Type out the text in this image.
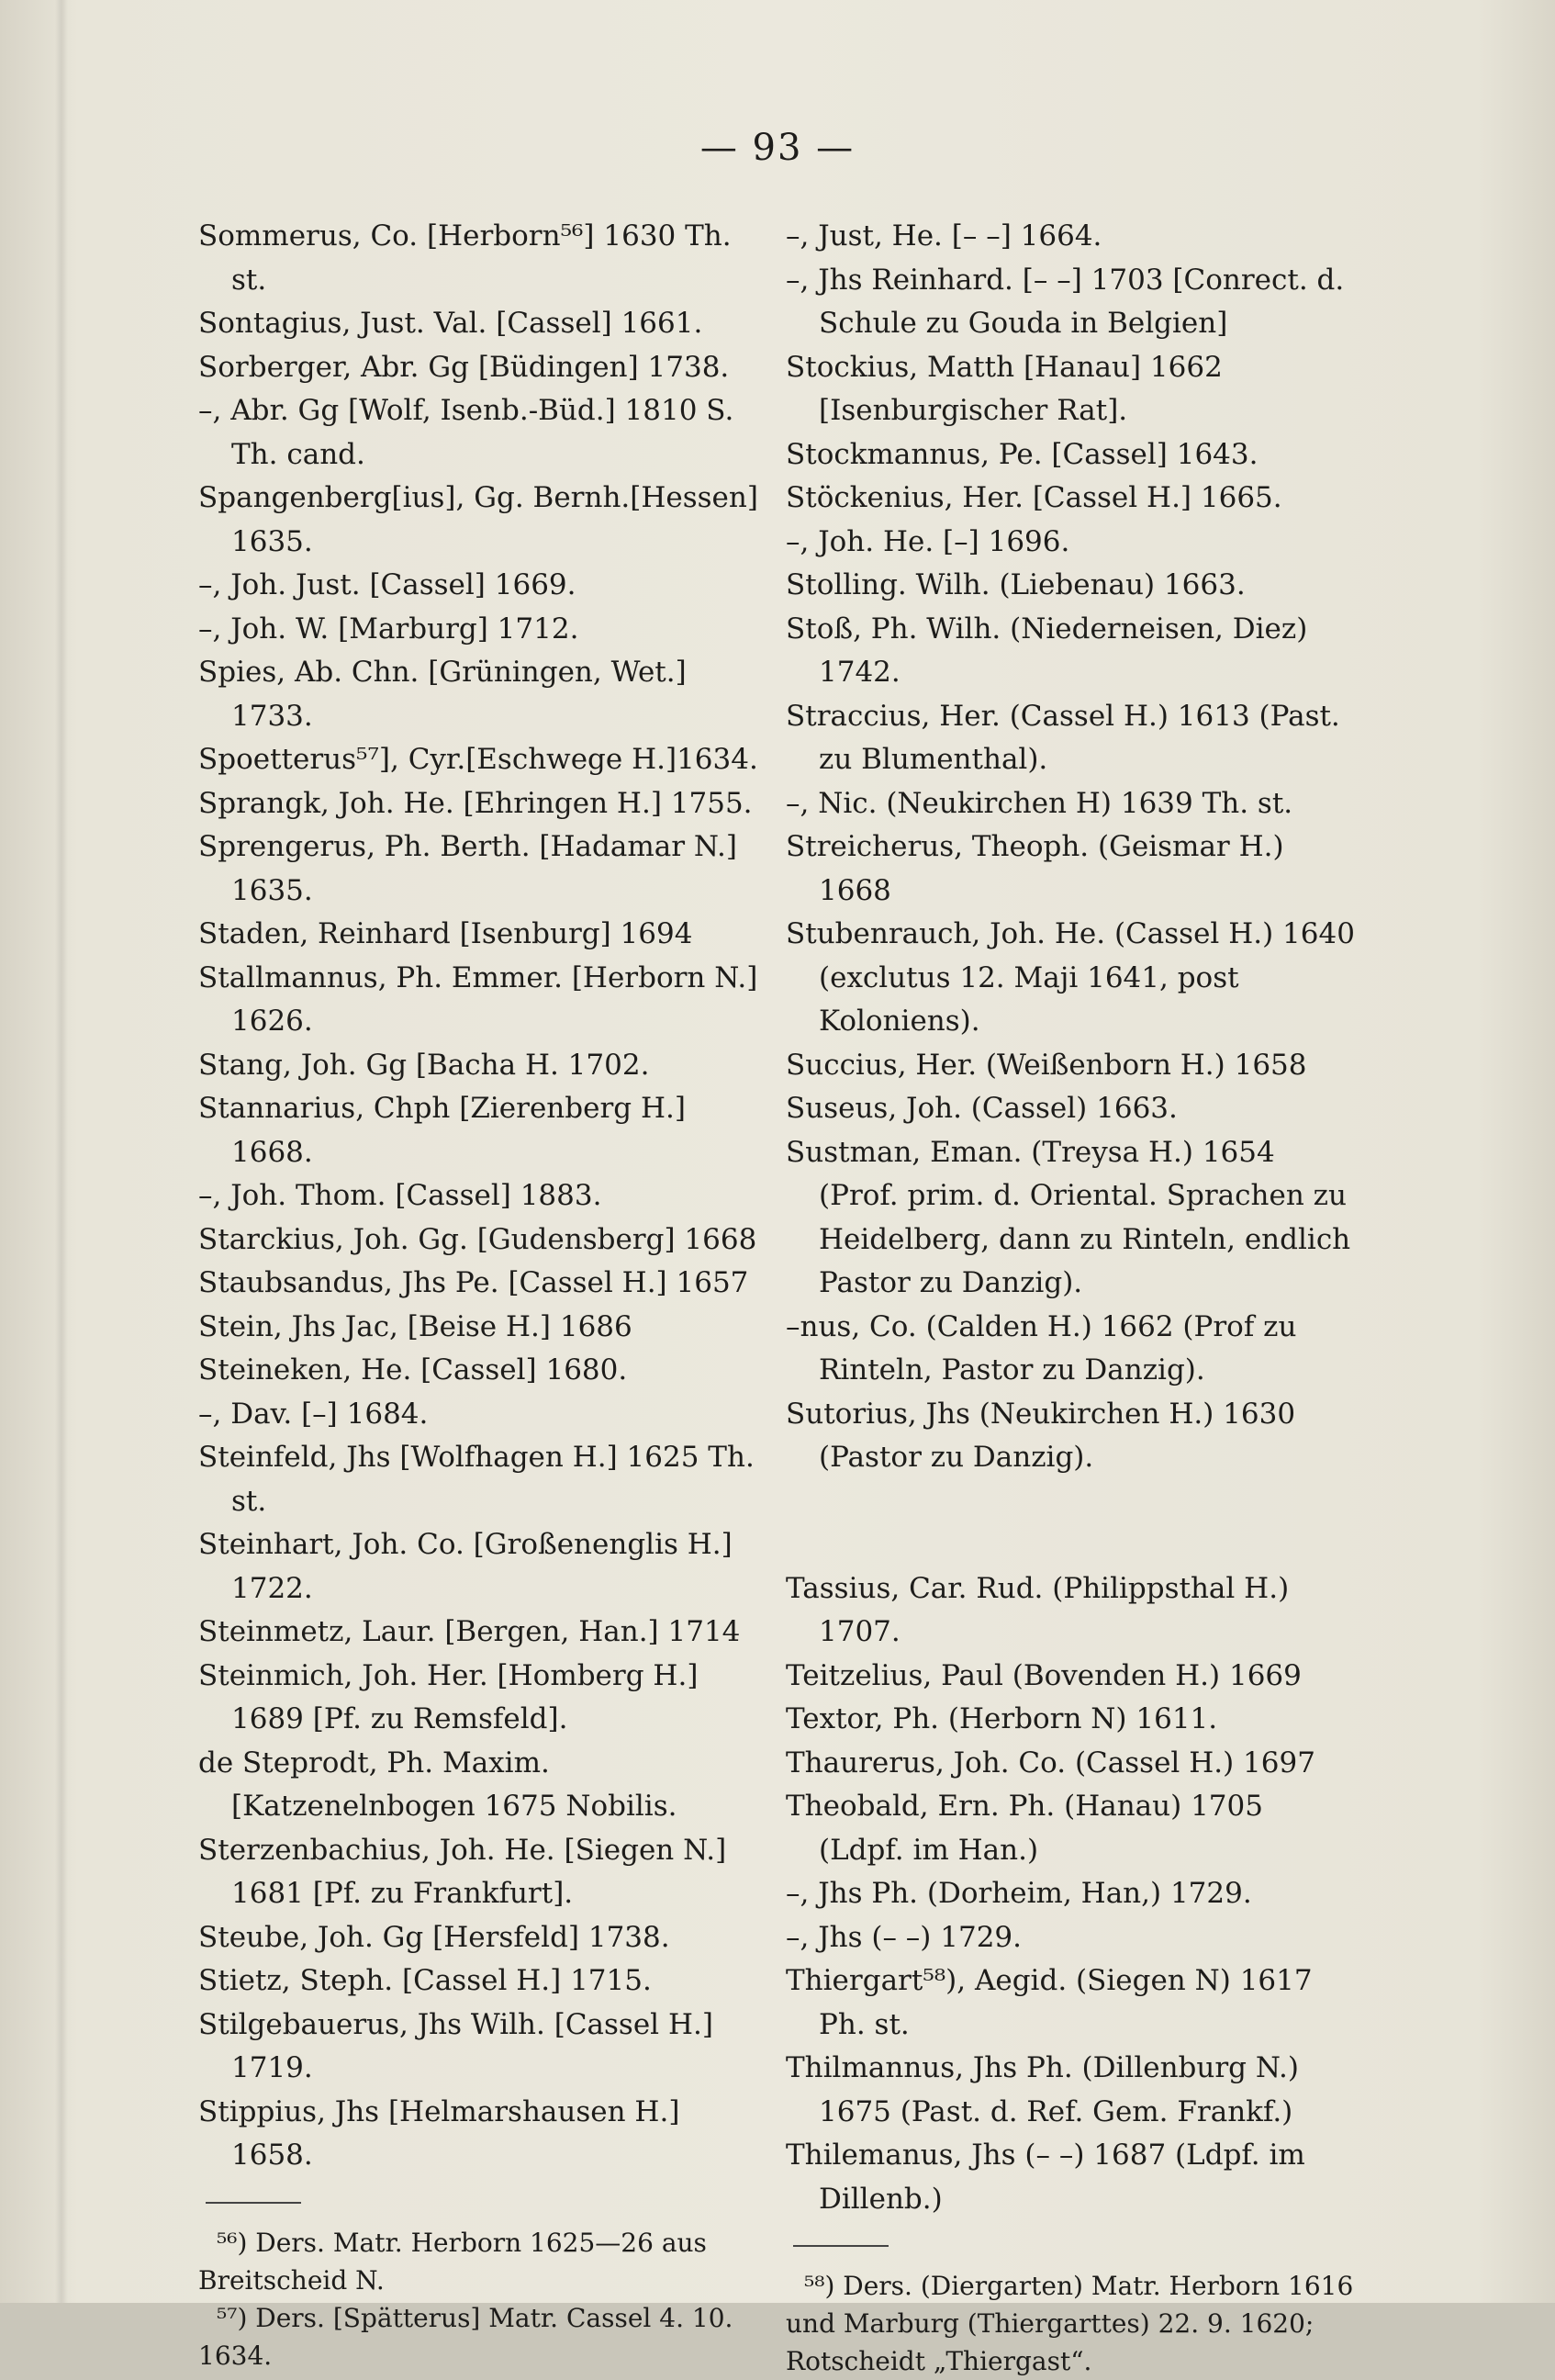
— 93 —
Sommerus, Co. [Herborn⁵⁶] 1630 Th. st.
Sontagius, Just. Val. [Cassel] 1661.
Sorberger, Abr. Gg [Büdingen] 1738.
–, Abr. Gg [Wolf, Isenb.-Büd.] 1810 S. Th. cand.
Spangenberg[ius], Gg. Bernh.[Hessen] 1635.
–, Joh. Just. [Cassel] 1669.
–, Joh. W. [Marburg] 1712.
Spies, Ab. Chn. [Grüningen, Wet.] 1733.
Spoetterus⁵⁷], Cyr.[Eschwege H.]1634.
Sprangk, Joh. He. [Ehringen H.] 1755.
Sprengerus, Ph. Berth. [Hadamar N.] 1635.
Staden, Reinhard [Isenburg] 1694
Stallmannus, Ph. Emmer. [Herborn N.] 1626.
Stang, Joh. Gg [Bacha H. 1702.
Stannarius, Chph [Zierenberg H.] 1668.
–, Joh. Thom. [Cassel] 1883.
Starckius, Joh. Gg. [Gudensberg] 1668
Staubsandus, Jhs Pe. [Cassel H.] 1657
Stein, Jhs Jac, [Beise H.] 1686
Steineken, He. [Cassel] 1680.
–, Dav. [–] 1684.
Steinfeld, Jhs [Wolfhagen H.] 1625 Th. st.
Steinhart, Joh. Co. [Großenenglis H.] 1722.
Steinmetz, Laur. [Bergen, Han.] 1714
Steinmich, Joh. Her. [Homberg H.] 1689 [Pf. zu Remsfeld].
de Steprodt, Ph. Maxim. [Katzenelnbogen 1675 Nobilis.
Sterzenbachius, Joh. He. [Siegen N.] 1681 [Pf. zu Frankfurt].
Steube, Joh. Gg [Hersfeld] 1738.
Stietz, Steph. [Cassel H.] 1715.
Stilgebauerus, Jhs Wilh. [Cassel H.] 1719.
Stippius, Jhs [Helmarshausen H.] 1658.
⁵⁶) Ders. Matr. Herborn 1625—26 aus Breitscheid N.
⁵⁷) Ders. [Spätterus] Matr. Cassel 4. 10. 1634.
–, Just, He. [– –] 1664.
–, Jhs Reinhard. [– –] 1703 [Conrect. d. Schule zu Gouda in Belgien]
Stockius, Matth [Hanau] 1662 [Isenburgischer Rat].
Stockmannus, Pe. [Cassel] 1643.
Stöckenius, Her. [Cassel H.] 1665.
–, Joh. He. [–] 1696.
Stolling. Wilh. (Liebenau) 1663.
Stoß, Ph. Wilh. (Niederneisen, Diez) 1742.
Straccius, Her. (Cassel H.) 1613 (Past. zu Blumenthal).
–, Nic. (Neukirchen H) 1639 Th. st.
Streicherus, Theoph. (Geismar H.) 1668
Stubenrauch, Joh. He. (Cassel H.) 1640 (exclutus 12. Maji 1641, post Koloniens).
Succius, Her. (Weißenborn H.) 1658
Suseus, Joh. (Cassel) 1663.
Sustman, Eman. (Treysa H.) 1654 (Prof. prim. d. Oriental. Sprachen zu Heidelberg, dann zu Rinteln, endlich Pastor zu Danzig).
–nus, Co. (Calden H.) 1662 (Prof zu Rinteln, Pastor zu Danzig).
Sutorius, Jhs (Neukirchen H.) 1630 (Pastor zu Danzig).
Tassius, Car. Rud. (Philippsthal H.) 1707.
Teitzelius, Paul (Bovenden H.) 1669
Textor, Ph. (Herborn N) 1611.
Thaurerus, Joh. Co. (Cassel H.) 1697
Theobald, Ern. Ph. (Hanau) 1705 (Ldpf. im Han.)
–, Jhs Ph. (Dorheim, Han,) 1729.
–, Jhs (– –) 1729.
Thiergart⁵⁸), Aegid. (Siegen N) 1617 Ph. st.
Thilmannus, Jhs Ph. (Dillenburg N.) 1675 (Past. d. Ref. Gem. Frankf.)
Thilemanus, Jhs (– –) 1687 (Ldpf. im Dillenb.)
⁵⁸) Ders. (Diergarten) Matr. Herborn 1616 und Marburg (Thiergarttes) 22. 9. 1620; Rotscheidt „Thiergast“.
